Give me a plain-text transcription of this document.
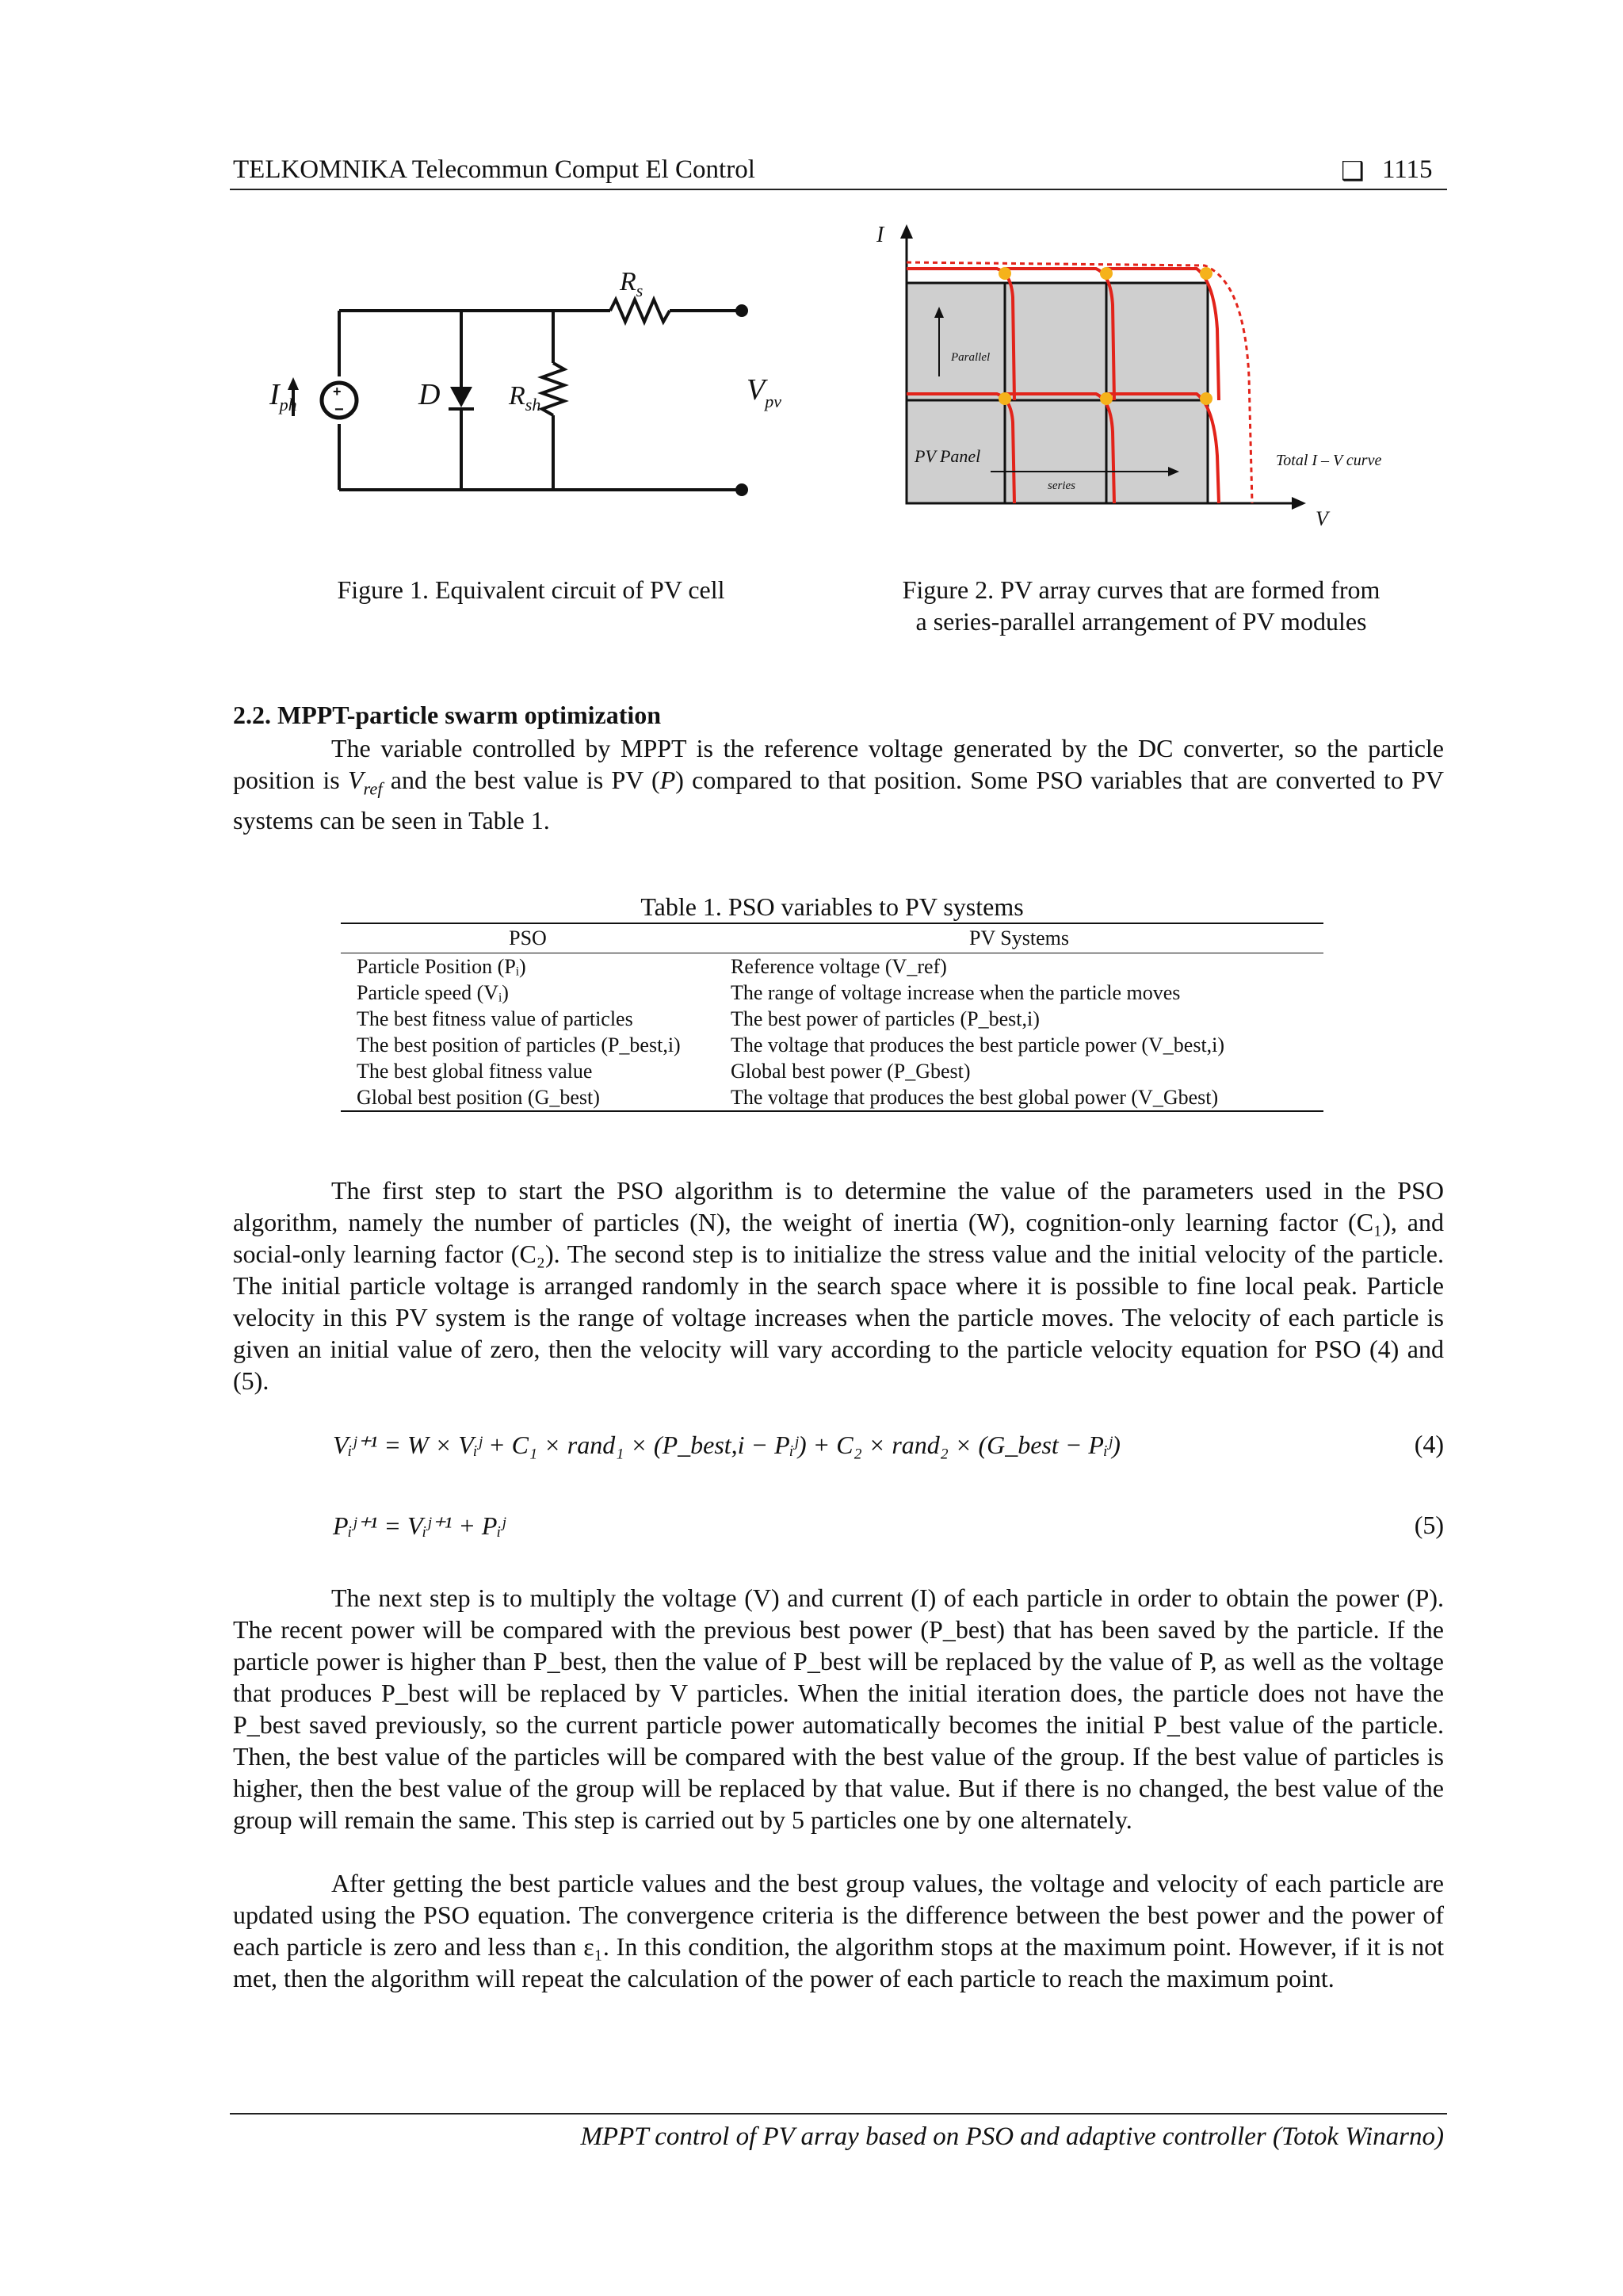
TELKOMNIKA Telecommun Comput El Control	❑ 1115
+
−
$I_{ph}$	D	$R_{sh}$
$R_s$
$V_{pv}$
I
V
Parallel
series
PV Panel	Total I – V curve
Figure 1. Equivalent circuit of PV cell	Figure 2. PV array curves that are formed from
a series-parallel arrangement of PV modules
2.2. MPPT-particle swarm optimization

The variable controlled by MPPT is the reference voltage generated by the DC converter, so the particle position is $V_{ref}$ and the best value is PV (P) compared to that position. Some PSO variables that are converted to PV systems can be seen in Table 1.

Table 1. PSO variables to PV systems
PSO	PV Systems
Particle Position (Pᵢ)	Reference voltage (V_ref)
Particle speed (Vᵢ)	The range of voltage increase when the particle moves
The best fitness value of particles	The best power of particles (P_best,i)
The best position of particles (P_best,i)	The voltage that produces the best particle power (V_best,i)
The best global fitness value	Global best power (P_Gbest)
Global best position (G_best)	The voltage that produces the best global power (V_Gbest)

The first step to start the PSO algorithm is to determine the value of the parameters used in the PSO algorithm, namely the number of particles (N), the weight of inertia (W), cognition-only learning factor (C₁), and social-only learning factor (C₂). The second step is to initialize the stress value and the initial velocity of the particle. The initial particle voltage is arranged randomly in the search space where it is possible to fine local peak. Particle velocity in this PV system is the range of voltage increases when the particle moves. The velocity of each particle is given an initial value of zero, then the velocity will vary according to the particle velocity equation for PSO (4) and (5).

Vᵢʲ⁺¹ = W × Vᵢʲ + C₁ × rand₁ × (P_best,i − Pᵢʲ) + C₂ × rand₂ × (G_best − Pᵢʲ)	(4)
Pᵢʲ⁺¹ = Vᵢʲ⁺¹ + Pᵢʲ	(5)

The next step is to multiply the voltage (V) and current (I) of each particle in order to obtain the power (P). The recent power will be compared with the previous best power (P_best) that has been saved by the particle. If the particle power is higher than P_best, then the value of P_best will be replaced by the value of P, as well as the voltage that produces P_best will be replaced by V particles. When the initial iteration does, the particle does not have the P_best saved previously, so the current particle power automatically becomes the initial P_best value of the particle. Then, the best value of the particles will be compared with the best value of the group. If the best value of particles is higher, then the best value of the group will be replaced by that value. But if there is no changed, the best value of the group will remain the same. This step is carried out by 5 particles one by one alternately.

After getting the best particle values and the best group values, the voltage and velocity of each particle are updated using the PSO equation. The convergence criteria is the difference between the best power and the power of each particle is zero and less than ε₁. In this condition, the algorithm stops at the maximum point. However, if it is not met, then the algorithm will repeat the calculation of the power of each particle to reach the maximum point.

MPPT control of PV array based on PSO and adaptive controller (Totok Winarno)
